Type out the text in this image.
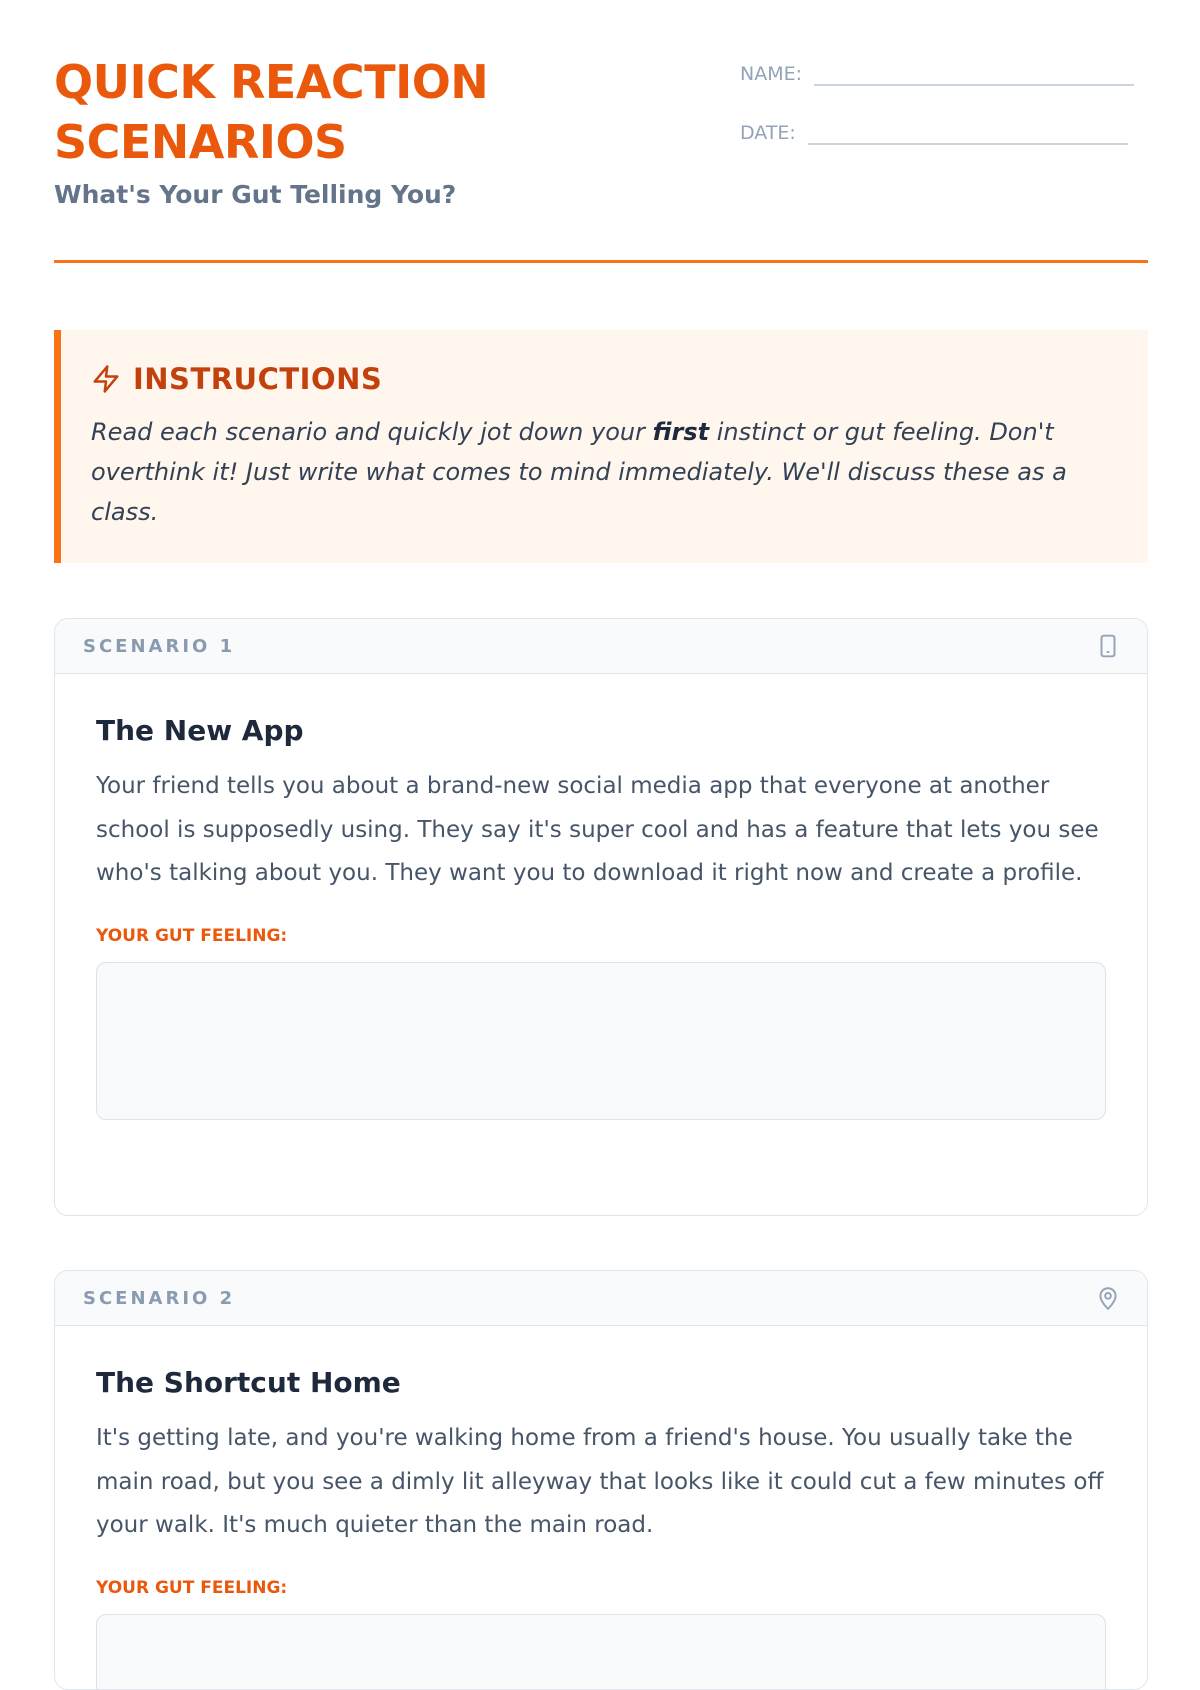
QUICK REACTION SCENARIOS

What's Your Gut Telling You?

NAME:
DATE:
INSTRUCTIONS

Read each scenario and quickly jot down your first instinct or gut feeling. Don't overthink it! Just write what comes to mind immediately. We'll discuss these as a class.

SCENARIO 1
The New App

Your friend tells you about a brand-new social media app that everyone at another school is supposedly using. They say it's super cool and has a feature that lets you see who's talking about you. They want you to download it right now and create a profile.

YOUR GUT FEELING:
SCENARIO 2
The Shortcut Home

It's getting late, and you're walking home from a friend's house. You usually take the main road, but you see a dimly lit alleyway that looks like it could cut a few minutes off your walk. It's much quieter than the main road.

YOUR GUT FEELING:
